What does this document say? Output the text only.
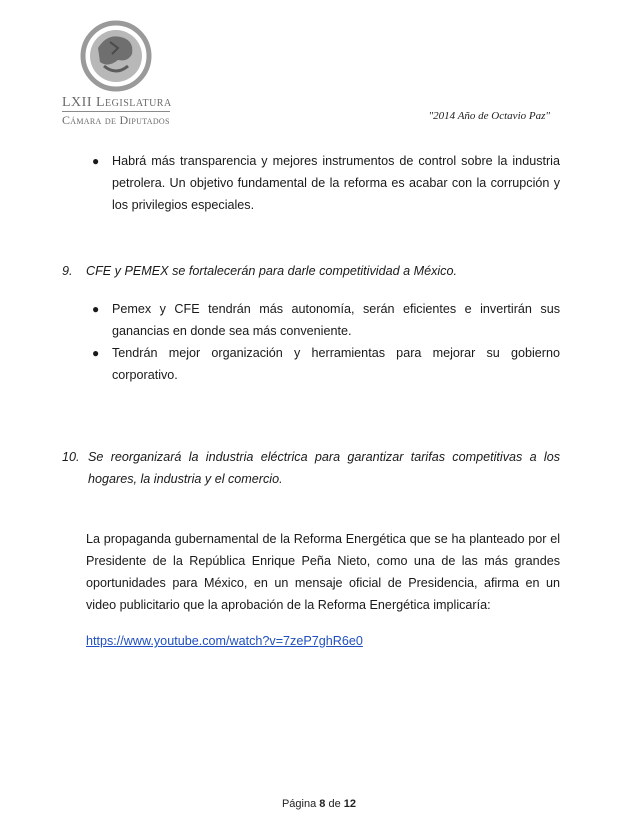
LXII Legislatura
Cámara de Diputados	"2014 Año de Octavio Paz"

● Habrá más transparencia y mejores instrumentos de control sobre la industria petrolera. Un objetivo fundamental de la reforma es acabar con la corrupción y los privilegios especiales.

9. CFE y PEMEX se fortalecerán para darle competitividad a México.

● Pemex y CFE tendrán más autonomía, serán eficientes e invertirán sus ganancias en donde sea más conveniente.

● Tendrán mejor organización y herramientas para mejorar su gobierno corporativo.

10. Se reorganizará la industria eléctrica para garantizar tarifas competitivas a los hogares, la industria y el comercio.

La propaganda gubernamental de la Reforma Energética que se ha planteado por el Presidente de la República Enrique Peña Nieto, como una de las más grandes oportunidades para México, en un mensaje oficial de Presidencia, afirma en un video publicitario que la aprobación de la Reforma Energética implicaría:

https://www.youtube.com/watch?v=7zeP7ghR6e0

Página 8 de 12
